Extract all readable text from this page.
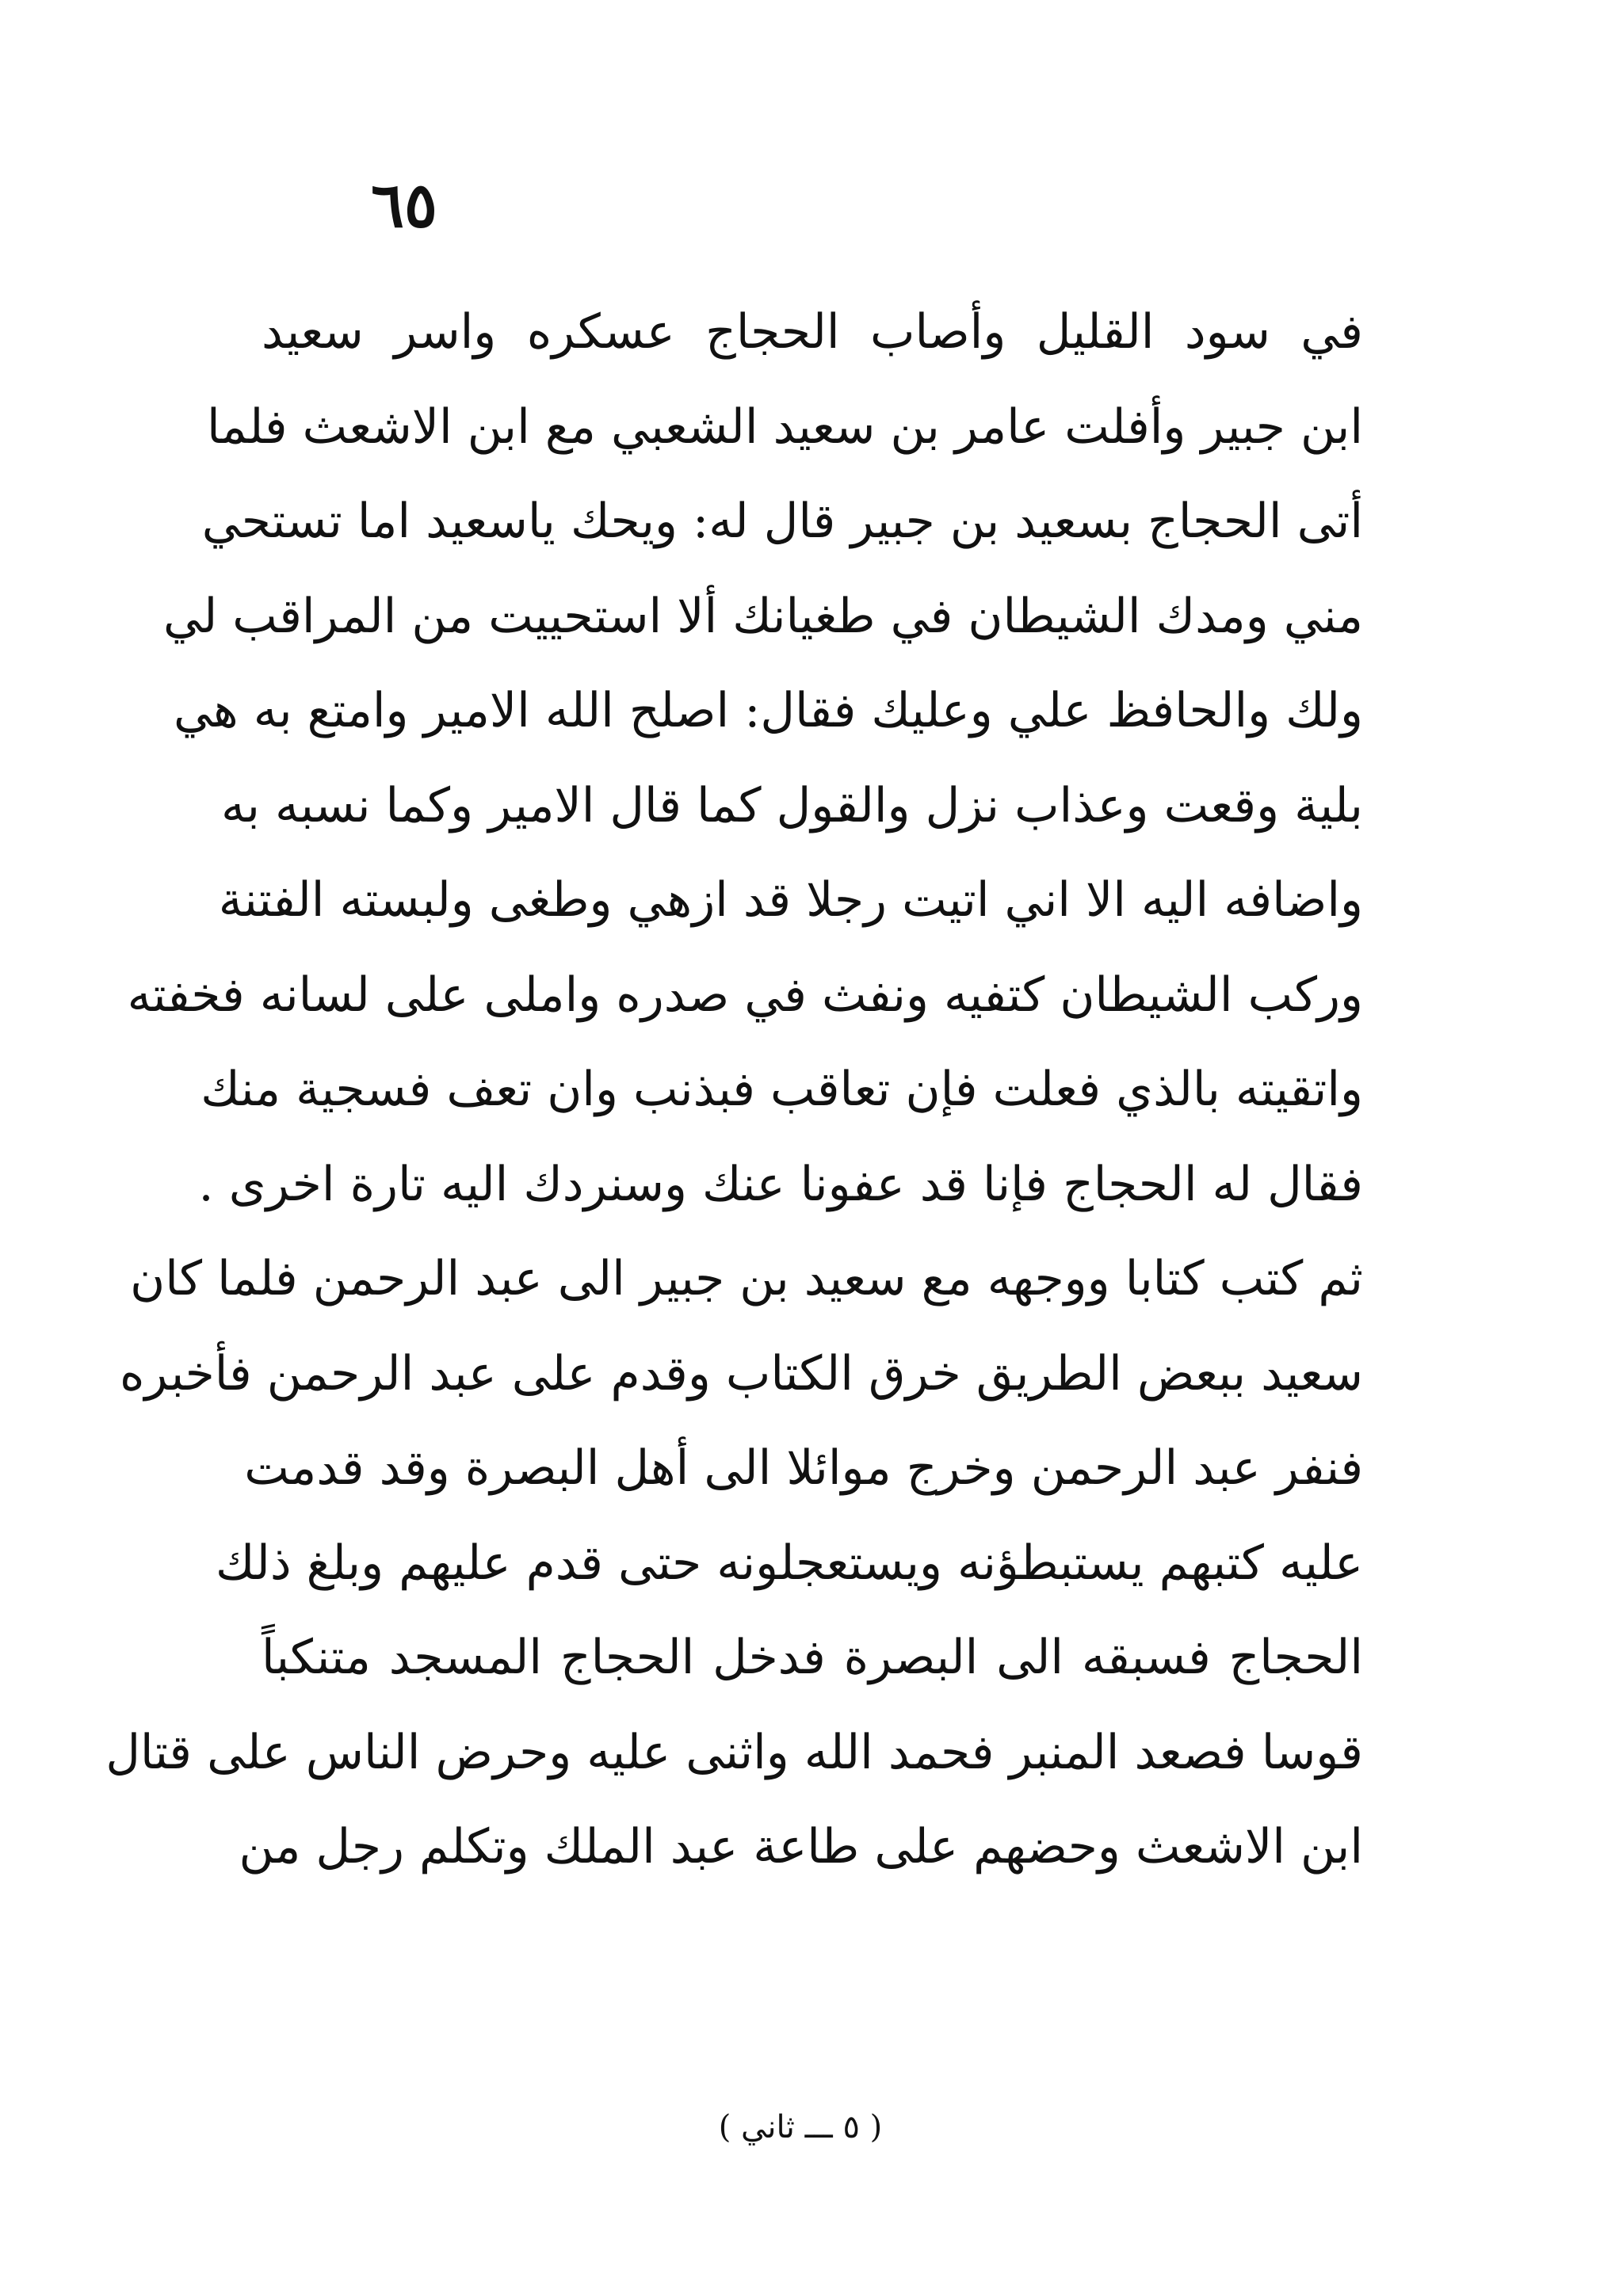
٦٥
في سود القليل وأصاب الحجاج عسكره واسر سعيد
ابن جبير وأفلت عامر بن سعيد الشعبي مع ابن الاشعث فلما
أتى الحجاج بسعيد بن جبير قال له: ويحك ياسعيد اما تستحي
مني ومدك الشيطان في طغيانك ألا استحييت من المراقب لي
ولك والحافظ علي وعليك فقال: اصلح الله الامير وامتع به هي
بلية وقعت وعذاب نزل والقول كما قال الامير وكما نسبه به
واضافه اليه الا اني اتيت رجلا قد ازهي وطغى ولبسته الفتنة
وركب الشيطان كتفيه ونفث في صدره واملى على لسانه فخفته
واتقيته بالذي فعلت فإن تعاقب فبذنب وان تعف فسجية منك
فقال له الحجاج فإنا قد عفونا عنك وسنردك اليه تارة اخرى .
ثم كتب كتابا ووجهه مع سعيد بن جبير الى عبد الرحمن فلما كان
سعيد ببعض الطريق خرق الكتاب وقدم على عبد الرحمن فأخبره
فنفر عبد الرحمن وخرج موائلا الى أهل البصرة وقد قدمت
عليه كتبهم يستبطؤنه ويستعجلونه حتى قدم عليهم وبلغ ذلك
الحجاج فسبقه الى البصرة فدخل الحجاج المسجد متنكباً
قوسا فصعد المنبر فحمد الله واثنى عليه وحرض الناس على قتال
ابن الاشعث وحضهم على طاعة عبد الملك وتكلم رجل من
( ٥ ـــ ثاني )
